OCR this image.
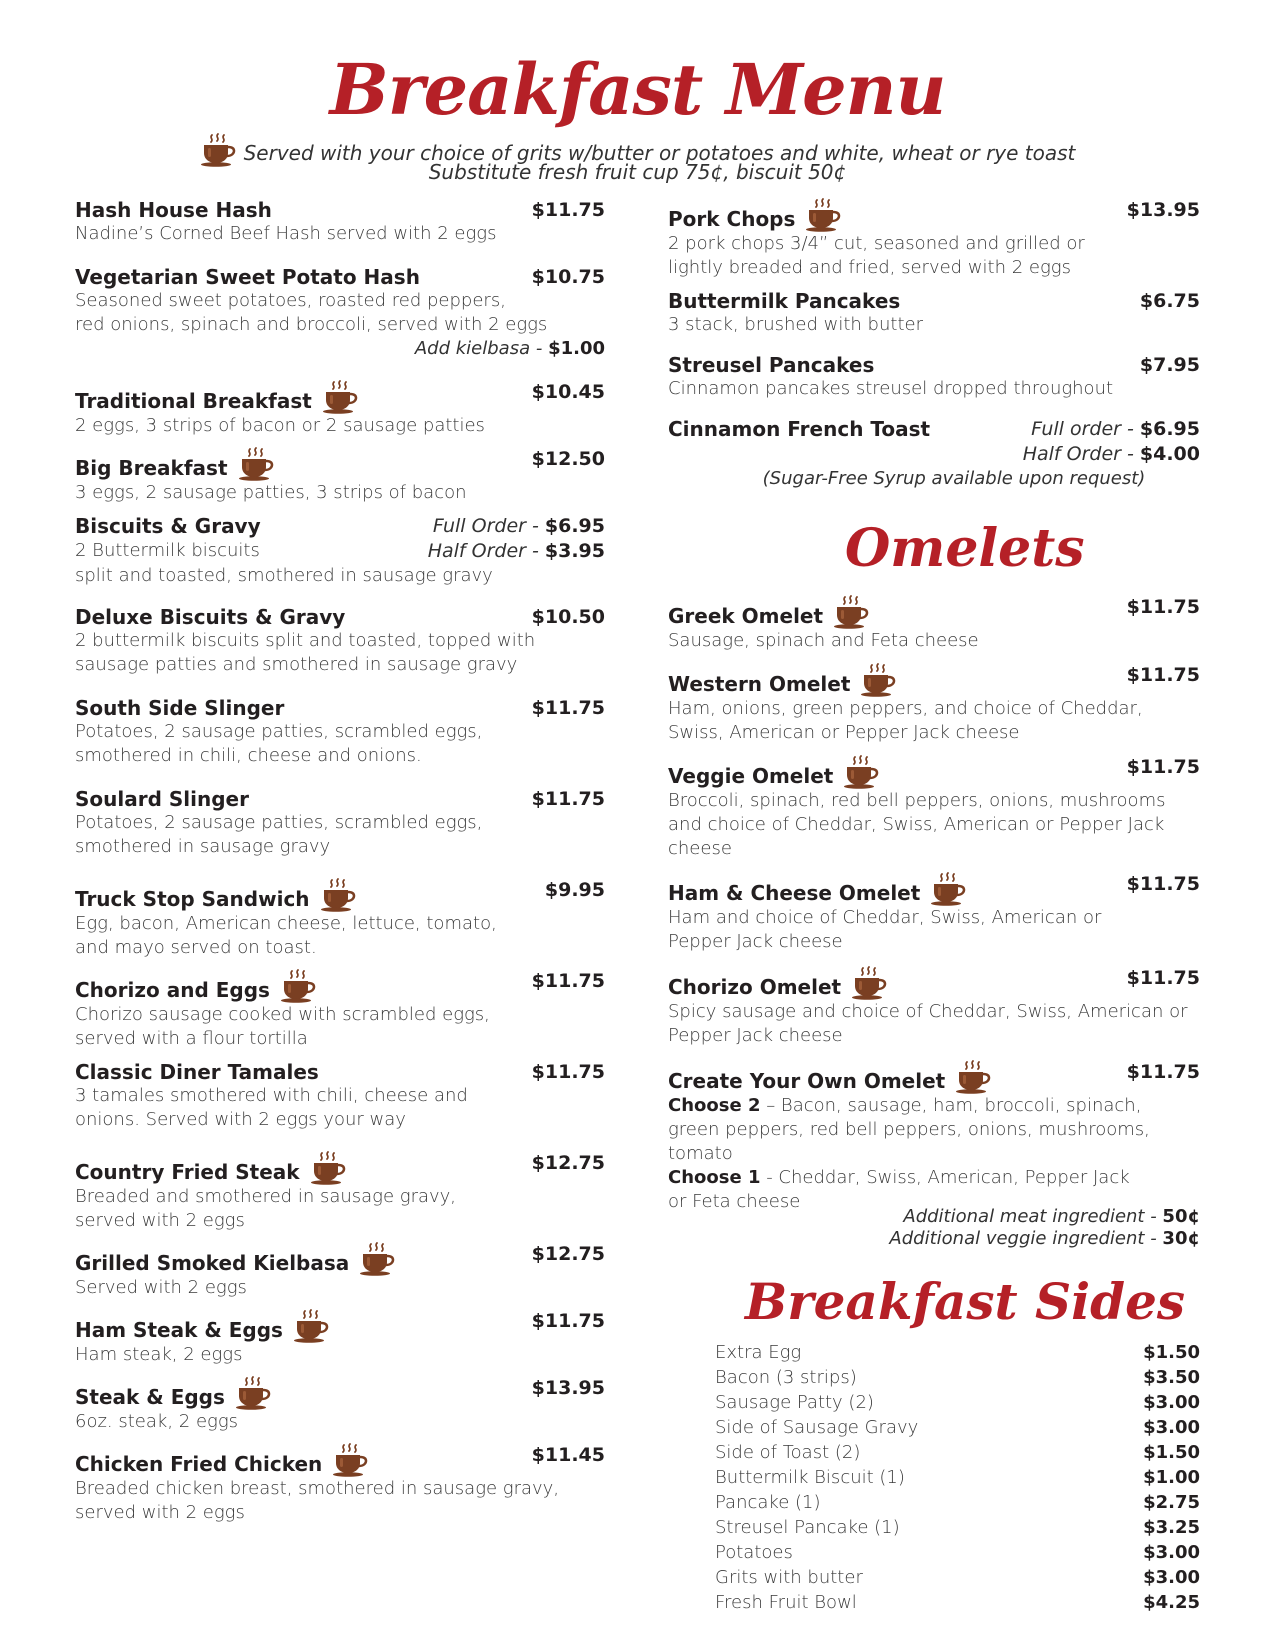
Breakfast Menu
Served with your choice of grits w/butter or potatoes and white, wheat or rye toast
Substitute fresh fruit cup 75¢, biscuit 50¢
Hash House Hash	$11.75
Nadine’s Corned Beef Hash served with 2 eggs
Vegetarian Sweet Potato Hash	$10.75
Seasoned sweet potatoes, roasted red peppers,
red onions, spinach and broccoli, served with 2 eggs
Add kielbasa - $1.00
Traditional Breakfast	$10.45
2 eggs, 3 strips of bacon or 2 sausage patties
Big Breakfast	$12.50
3 eggs, 2 sausage patties, 3 strips of bacon
Biscuits & Gravy	Full Order - $6.95
2 Buttermilk biscuits	Half Order - $3.95
split and toasted, smothered in sausage gravy
Deluxe Biscuits & Gravy	$10.50
2 buttermilk biscuits split and toasted, topped with
sausage patties and smothered in sausage gravy
South Side Slinger	$11.75
Potatoes, 2 sausage patties, scrambled eggs,
smothered in chili, cheese and onions.
Soulard Slinger	$11.75
Potatoes, 2 sausage patties, scrambled eggs,
smothered in sausage gravy
Truck Stop Sandwich	$9.95
Egg, bacon, American cheese, lettuce, tomato,
and mayo served on toast.
Chorizo and Eggs	$11.75
Chorizo sausage cooked with scrambled eggs,
served with a flour tortilla
Classic Diner Tamales	$11.75
3 tamales smothered with chili, cheese and
onions. Served with 2 eggs your way
Country Fried Steak	$12.75
Breaded and smothered in sausage gravy,
served with 2 eggs
Grilled Smoked Kielbasa	$12.75
Served with 2 eggs
Ham Steak & Eggs	$11.75
Ham steak, 2 eggs
Steak & Eggs	$13.95
6oz. steak, 2 eggs
Chicken Fried Chicken	$11.45
Breaded chicken breast, smothered in sausage gravy,
served with 2 eggs
Pork Chops	$13.95
2 pork chops 3/4” cut, seasoned and grilled or
lightly breaded and fried, served with 2 eggs
Buttermilk Pancakes	$6.75
3 stack, brushed with butter
Streusel Pancakes	$7.95
Cinnamon pancakes streusel dropped throughout
Cinnamon French Toast	Full order - $6.95
Half Order - $4.00
(Sugar-Free Syrup available upon request)
Omelets
Greek Omelet	$11.75
Sausage, spinach and Feta cheese
Western Omelet	$11.75
Ham, onions, green peppers, and choice of Cheddar,
Swiss, American or Pepper Jack cheese
Veggie Omelet	$11.75
Broccoli, spinach, red bell peppers, onions, mushrooms
and choice of Cheddar, Swiss, American or Pepper Jack
cheese
Ham & Cheese Omelet	$11.75
Ham and choice of Cheddar, Swiss, American or
Pepper Jack cheese
Chorizo Omelet	$11.75
Spicy sausage and choice of Cheddar, Swiss, American or
Pepper Jack cheese
Create Your Own Omelet	$11.75
Choose 2 – Bacon, sausage, ham, broccoli, spinach,
green peppers, red bell peppers, onions, mushrooms,
tomato
Choose 1 - Cheddar, Swiss, American, Pepper Jack
or Feta cheese
Additional meat ingredient - 50¢
Additional veggie ingredient - 30¢
Breakfast Sides
Extra Egg	$1.50
Bacon (3 strips)	$3.50
Sausage Patty (2)	$3.00
Side of Sausage Gravy	$3.00
Side of Toast (2)	$1.50
Buttermilk Biscuit (1)	$1.00
Pancake (1)	$2.75
Streusel Pancake (1)	$3.25
Potatoes	$3.00
Grits with butter	$3.00
Fresh Fruit Bowl	$4.25
